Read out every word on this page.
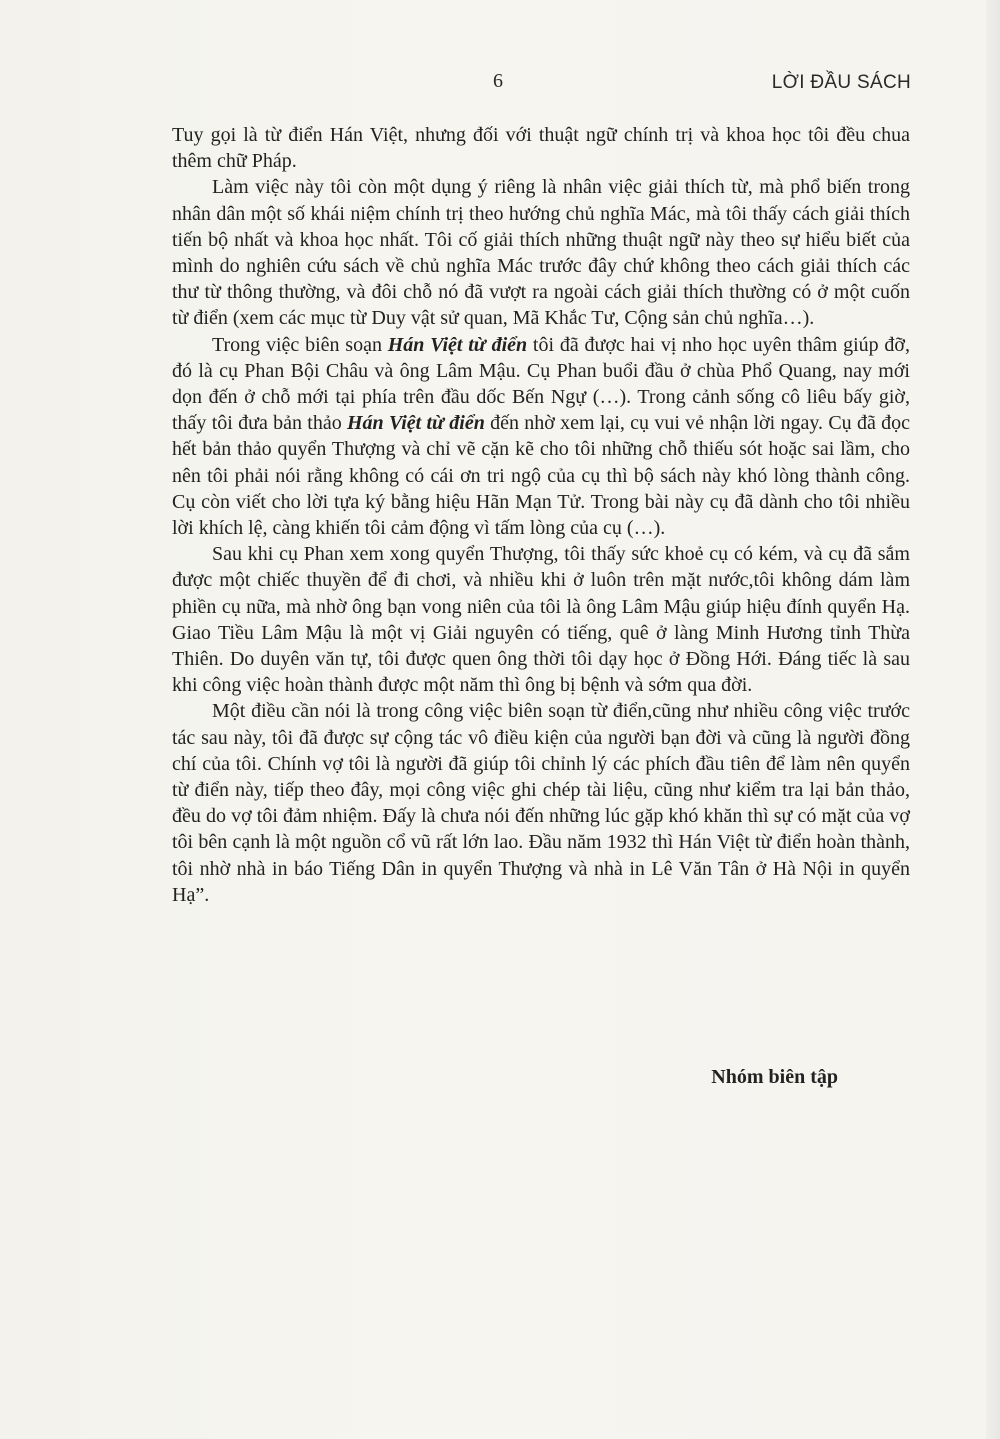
6	LỜI ĐẦU SÁCH

Tuy gọi là từ điển Hán Việt, nhưng đối với thuật ngữ chính trị và khoa học tôi đều chua thêm chữ Pháp.

Làm việc này tôi còn một dụng ý riêng là nhân việc giải thích từ, mà phổ biến trong nhân dân một số khái niệm chính trị theo hướng chủ nghĩa Mác, mà tôi thấy cách giải thích tiến bộ nhất và khoa học nhất. Tôi cố giải thích những thuật ngữ này theo sự hiểu biết của mình do nghiên cứu sách về chủ nghĩa Mác trước đây chứ không theo cách giải thích các thư từ thông thường, và đôi chỗ nó đã vượt ra ngoài cách giải thích thường có ở một cuốn từ điển (xem các mục từ Duy vật sử quan, Mã Khắc Tư, Cộng sản chủ nghĩa…).

Trong việc biên soạn Hán Việt từ điển tôi đã được hai vị nho học uyên thâm giúp đỡ, đó là cụ Phan Bội Châu và ông Lâm Mậu. Cụ Phan buổi đầu ở chùa Phổ Quang, nay mới dọn đến ở chỗ mới tại phía trên đầu dốc Bến Ngự (…). Trong cảnh sống cô liêu bấy giờ, thấy tôi đưa bản thảo Hán Việt từ điển đến nhờ xem lại, cụ vui vẻ nhận lời ngay. Cụ đã đọc hết bản thảo quyển Thượng và chỉ vẽ cặn kẽ cho tôi những chỗ thiếu sót hoặc sai lầm, cho nên tôi phải nói rằng không có cái ơn tri ngộ của cụ thì bộ sách này khó lòng thành công. Cụ còn viết cho lời tựa ký bằng hiệu Hãn Mạn Tử. Trong bài này cụ đã dành cho tôi nhiều lời khích lệ, càng khiến tôi cảm động vì tấm lòng của cụ (…).

Sau khi cụ Phan xem xong quyển Thượng, tôi thấy sức khoẻ cụ có kém, và cụ đã sắm được một chiếc thuyền để đi chơi, và nhiều khi ở luôn trên mặt nước,tôi không dám làm phiền cụ nữa, mà nhờ ông bạn vong niên của tôi là ông Lâm Mậu giúp hiệu đính quyển Hạ. Giao Tiều Lâm Mậu là một vị Giải nguyên có tiếng, quê ở làng Minh Hương tỉnh Thừa Thiên. Do duyên văn tự, tôi được quen ông thời tôi dạy học ở Đồng Hới. Đáng tiếc là sau khi công việc hoàn thành được một năm thì ông bị bệnh và sớm qua đời.

Một điều cần nói là trong công việc biên soạn từ điển,cũng như nhiều công việc trước tác sau này, tôi đã được sự cộng tác vô điều kiện của người bạn đời và cũng là người đồng chí của tôi. Chính vợ tôi là người đã giúp tôi chỉnh lý các phích đầu tiên để làm nên quyển từ điển này, tiếp theo đây, mọi công việc ghi chép tài liệu, cũng như kiểm tra lại bản thảo, đều do vợ tôi đảm nhiệm. Đấy là chưa nói đến những lúc gặp khó khăn thì sự có mặt của vợ tôi bên cạnh là một nguồn cổ vũ rất lớn lao. Đầu năm 1932 thì Hán Việt từ điển hoàn thành, tôi nhờ nhà in báo Tiếng Dân in quyển Thượng và nhà in Lê Văn Tân ở Hà Nội in quyển Hạ”.

Nhóm biên tập
